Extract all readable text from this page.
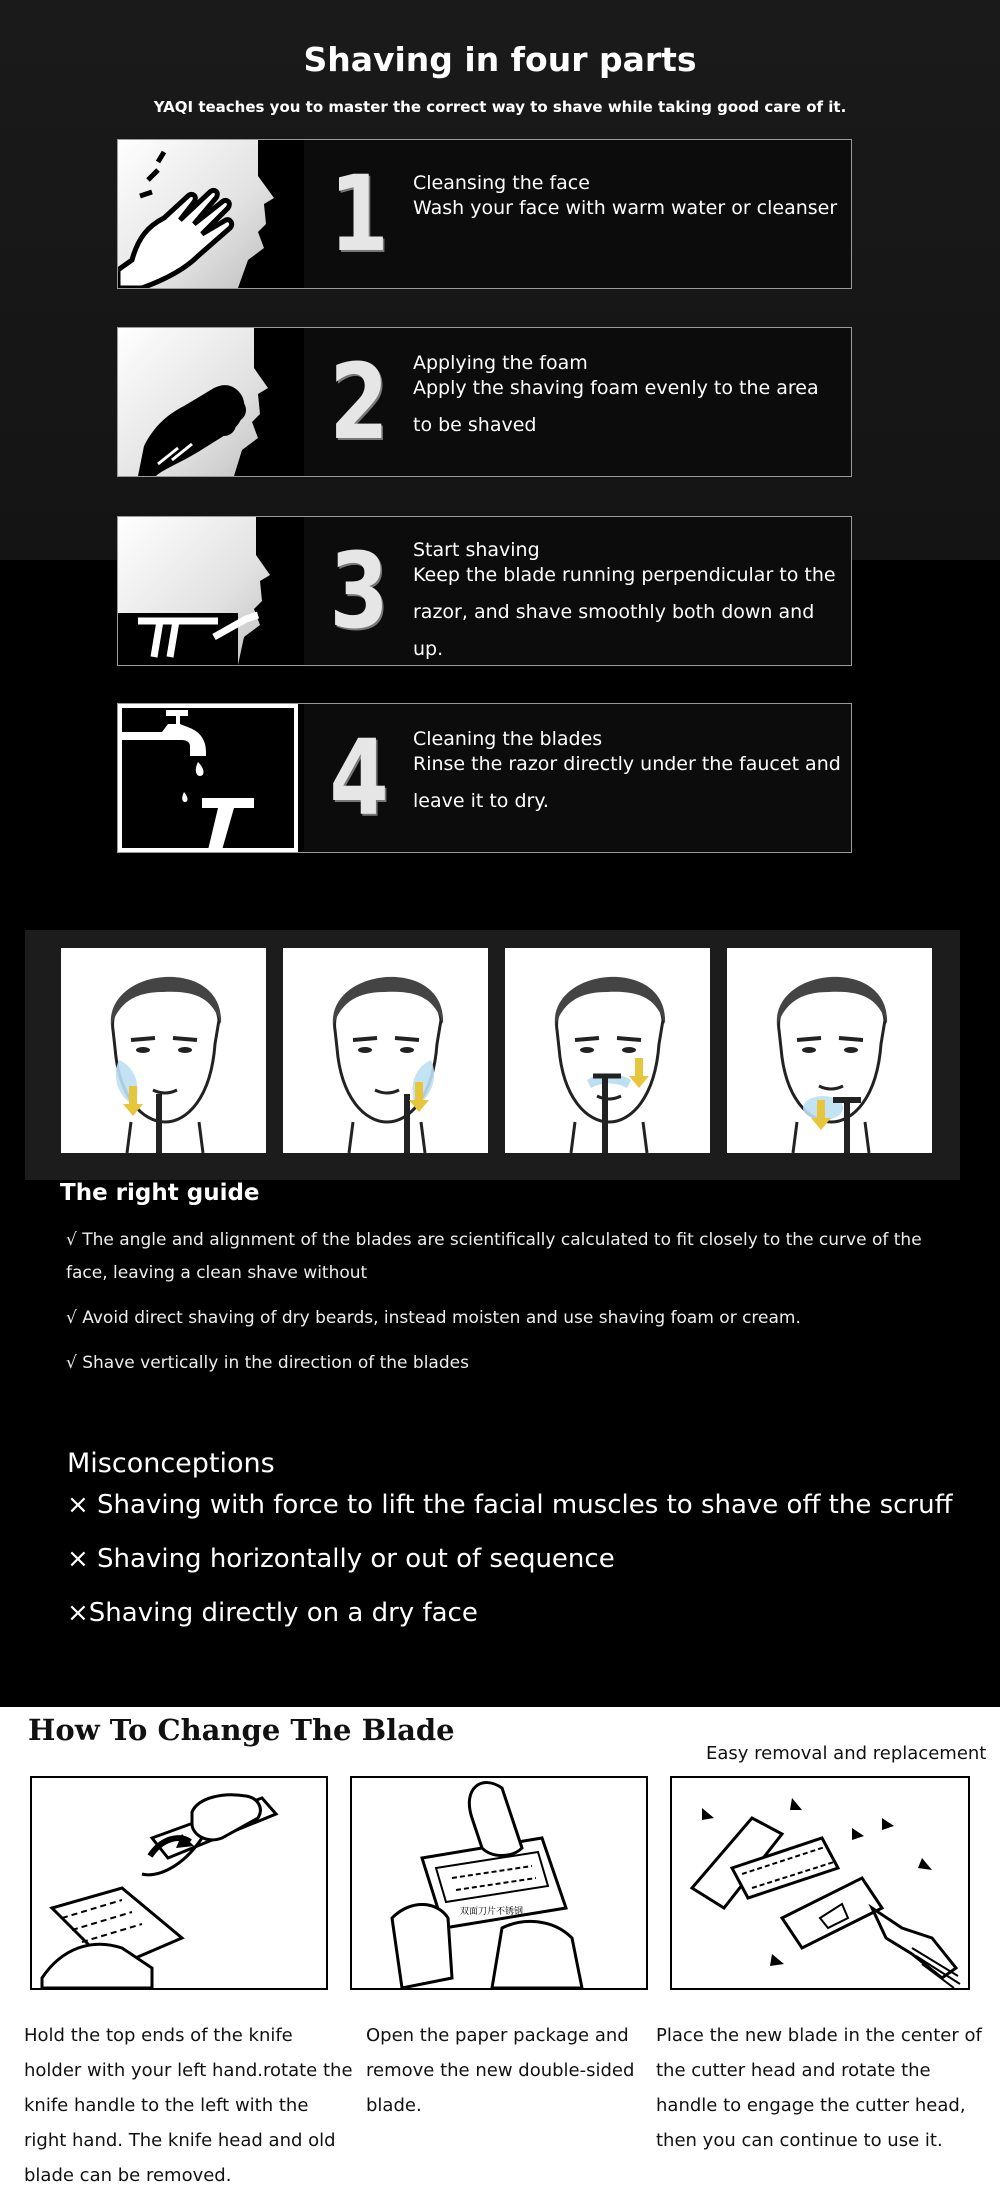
Shaving in four parts
YAQI teaches you to master the correct way to shave while taking good care of it.
1	Cleansing the face
Wash your face with warm water or cleanser
2	Applying the foam
Apply the shaving foam evenly to the area to be shaved
3	Start shaving
Keep the blade running perpendicular to the razor, and shave smoothly both down and up.
4	Cleaning the blades
Rinse the razor directly under the faucet and leave it to dry.
The right guide
√ The angle and alignment of the blades are scientifically calculated to fit closely to the curve of the face, leaving a clean shave without
√ Avoid direct shaving of dry beards, instead moisten and use shaving foam or cream.
√ Shave vertically in the direction of the blades
Misconceptions
× Shaving with force to lift the facial muscles to shave off the scruff
× Shaving horizontally or out of sequence
×Shaving directly on a dry face
How To Change The Blade
Easy removal and replacement
双面刀片不锈钢
Hold the top ends of the knife holder with your left hand.rotate the knife handle to the left with the right hand. The knife head and old blade can be removed.
Open the paper package and remove the new double-sided blade.
Place the new blade in the center of the cutter head and rotate the handle to engage the cutter head, then you can continue to use it.
